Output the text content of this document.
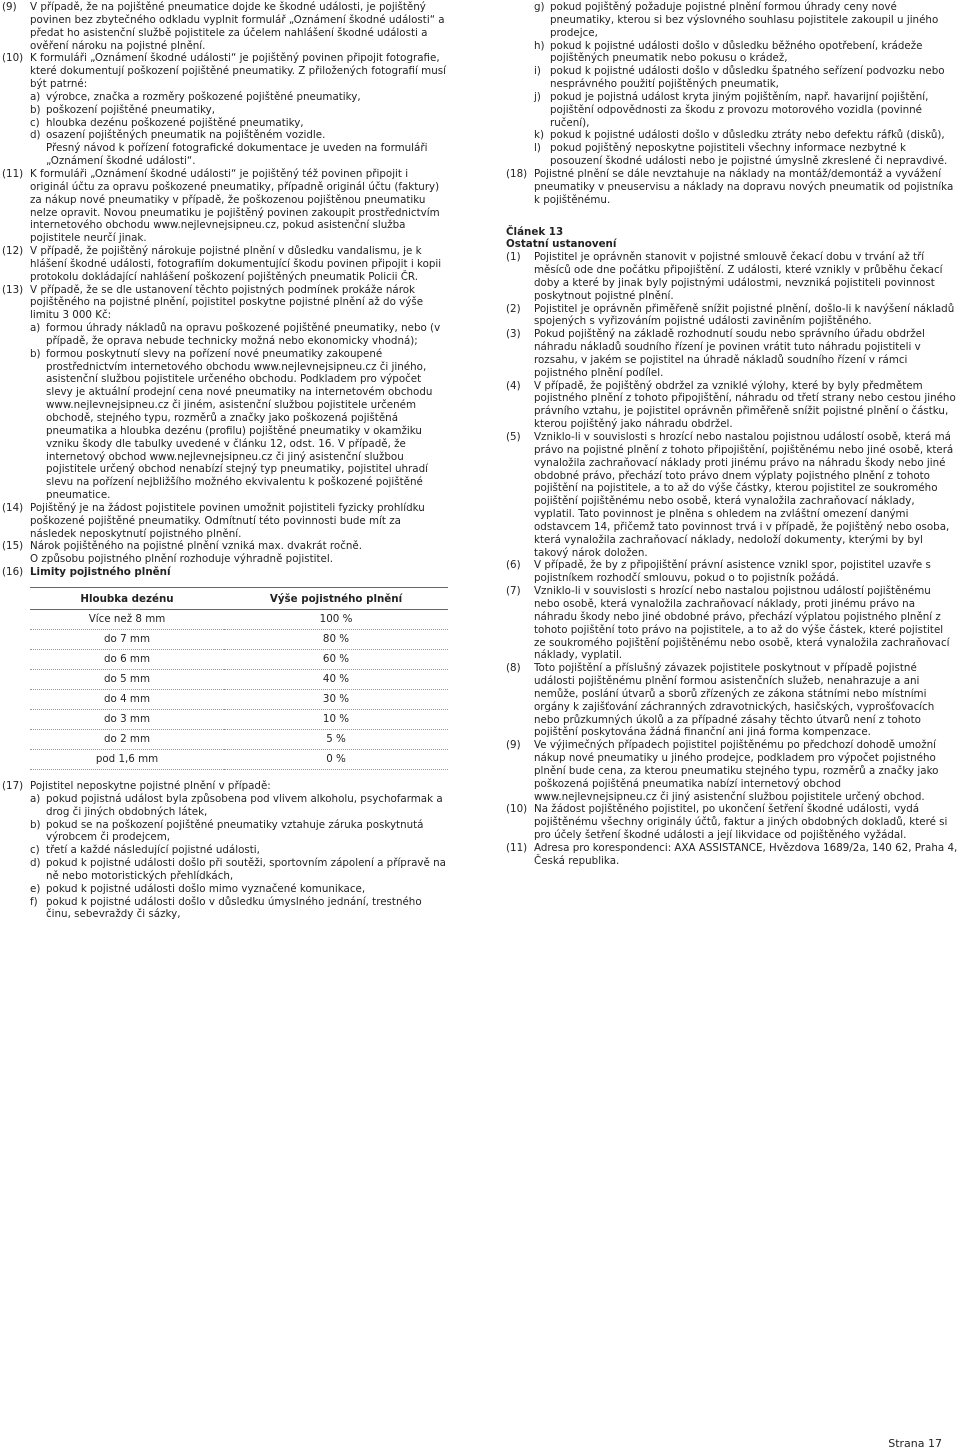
(9)	V případě, že na pojištěné pneumatice dojde ke škodné události, je pojištěný povinen bez zbytečného odkladu vyplnit formulář „Oznámení škodné události“ a předat ho asistenční službě pojistitele za účelem nahlášení škodné události a ověření nároku na pojistné plnění.
(10) K formuláři „Oznámení škodné události“ je pojištěný povinen připojit fotografie, které dokumentují poškození pojištěné pneumatiky. Z přiložených fotografií musí být patrné:
a) výrobce, značka a rozměry poškozené pojištěné pneumatiky,
b) poškození pojištěné pneumatiky,
c) hloubka dezénu poškozené pojištěné pneumatiky,
d) osazení pojištěných pneumatik na pojištěném vozidle.
Přesný návod k pořízení fotografické dokumentace je uveden na formuláři „Oznámení škodné události“.
(11) K formuláři „Oznámení škodné události“ je pojištěný též povinen připojit i originál účtu za opravu poškozené pneumatiky, případně originál účtu (faktury) za nákup nové pneumatiky v případě, že poškozenou pojištěnou pneumatiku nelze opravit. Novou pneumatiku je pojištěný povinen zakoupit prostřednictvím internetového obchodu www.nejlevnejsipneu.cz, pokud asistenční služba pojistitele neurčí jinak.
(12) V případě, že pojištěný nárokuje pojistné plnění v důsledku vandalismu, je k hlášení škodné události, fotografiím dokumentující škodu povinen připojit i kopii protokolu dokládající nahlášení poškození pojištěných pneumatik Policii ČR.
(13) V případě, že se dle ustanovení těchto pojistných podmínek prokáže nárok pojištěného na pojistné plnění, pojistitel poskytne pojistné plnění až do výše limitu 3 000 Kč:
a) formou úhrady nákladů na opravu poškozené pojištěné pneumatiky, nebo (v případě, že oprava nebude technicky možná nebo ekonomicky vhodná);
b) formou poskytnutí slevy na pořízení nové pneumatiky zakoupené prostřednictvím internetového obchodu www.nejlevnejsipneu.cz či jiného, asistenční službou pojistitele určeného obchodu. Podkladem pro výpočet slevy je aktuální prodejní cena nové pneumatiky na internetovém obchodu www.nejlevnejsipneu.cz či jiném, asistenční službou pojistitele určeném obchodě, stejného typu, rozměrů a značky jako poškozená pojištěná pneumatika a hloubka dezénu (profilu) pojištěné pneumatiky v okamžiku vzniku škody dle tabulky uvedené v článku 12, odst. 16. V případě, že internetový obchod www.nejlevnejsipneu.cz či jiný asistenční službou pojistitele určený obchod nenabízí stejný typ pneumatiky, pojistitel uhradí slevu na pořízení nejbližšího možného ekvivalentu k poškozené pojištěné pneumatice.
(14) Pojištěný je na žádost pojistitele povinen umožnit pojistiteli fyzicky prohlídku poškozené pojištěné pneumatiky. Odmítnutí této povinnosti bude mít za následek neposkytnutí pojistného plnění.
(15) Nárok pojištěného na pojistné plnění vzniká max. dvakrát ročně.
O způsobu pojistného plnění rozhoduje výhradně pojistitel.
(16) Limity pojistného plnění
Hloubka dezénu	Výše pojistného plnění
Více než 8 mm	100 %
do 7 mm	80 %
do 6 mm	60 %
do 5 mm	40 %
do 4 mm	30 %
do 3 mm	10 %
do 2 mm	5 %
pod 1,6 mm	0 %
(17) Pojistitel neposkytne pojistné plnění v případě:
a) pokud pojistná událost byla způsobena pod vlivem alkoholu, psychofarmak a drog či jiných obdobných látek,
b) pokud se na poškození pojištěné pneumatiky vztahuje záruka poskytnutá výrobcem či prodejcem,
c) třetí a každé následující pojistné události,
d) pokud k pojistné události došlo při soutěži, sportovním zápolení a přípravě na ně nebo motoristických přehlídkách,
e) pokud k pojistné události došlo mimo vyznačené komunikace,
f) pokud k pojistné události došlo v důsledku úmyslného jednání, trestného činu, sebevraždy či sázky,
g) pokud pojištěný požaduje pojistné plnění formou úhrady ceny nové pneumatiky, kterou si bez výslovného souhlasu pojistitele zakoupil u jiného prodejce,
h) pokud k pojistné události došlo v důsledku běžného opotřebení, krádeže pojištěných pneumatik nebo pokusu o krádež,
i) pokud k pojistné události došlo v důsledku špatného seřízení podvozku nebo nesprávného použití pojištěných pneumatik,
j) pokud je pojistná událost kryta jiným pojištěním, např. havarijní pojištění, pojištění odpovědnosti za škodu z provozu motorového vozidla (povinné ručení),
k) pokud k pojistné události došlo v důsledku ztráty nebo defektu ráfků (disků),
l) pokud pojištěný neposkytne pojistiteli všechny informace nezbytné k posouzení škodné události nebo je pojistné úmyslně zkreslené či nepravdivé.
(18) Pojistné plnění se dále nevztahuje na náklady na montáž/demontáž a vyvážení pneumatiky v pneuservisu a náklady na dopravu nových pneumatik od pojistníka k pojištěnému.
Článek 13
Ostatní ustanovení
(1)	Pojistitel je oprávněn stanovit v pojistné smlouvě čekací dobu v trvání až tří měsíců ode dne počátku připojištění. Z události, které vznikly v průběhu čekací doby a které by jinak byly pojistnými událostmi, nevzniká pojistiteli povinnost poskytnout pojistné plnění.
(2)	Pojistitel je oprávněn přiměřeně snížit pojistné plnění, došlo-li k navýšení nákladů spojených s vyřizováním pojistné události zaviněním pojištěného.
(3)	Pokud pojištěný na základě rozhodnutí soudu nebo správního úřadu obdržel náhradu nákladů soudního řízení je povinen vrátit tuto náhradu pojistiteli v rozsahu, v jakém se pojistitel na úhradě nákladů soudního řízení v rámci pojistného plnění podílel.
(4)	V případě, že pojištěný obdržel za vzniklé výlohy, které by byly předmětem pojistného plnění z tohoto připojištění, náhradu od třetí strany nebo cestou jiného právního vztahu, je pojistitel oprávněn přiměřeně snížit pojistné plnění o částku, kterou pojištěný jako náhradu obdržel.
(5)	Vzniklo-li v souvislosti s hrozící nebo nastalou pojistnou událostí osobě, která má právo na pojistné plnění z tohoto připojištění, pojištěnému nebo jiné osobě, která vynaložila zachraňovací náklady proti jinému právo na náhradu škody nebo jiné obdobné právo, přechází toto právo dnem výplaty pojistného plnění z tohoto pojištění na pojistitele, a to až do výše částky, kterou pojistitel ze soukromého pojištění pojištěnému nebo osobě, která vynaložila zachraňovací náklady, vyplatil. Tato povinnost je plněna s ohledem na zvláštní omezení danými odstavcem 14, přičemž tato povinnost trvá i v případě, že pojištěný nebo osoba, která vynaložila zachraňovací náklady, nedoloží dokumenty, kterými by byl takový nárok doložen.
(6)	V případě, že by z připojištění právní asistence vznikl spor, pojistitel uzavře s pojistníkem rozhodčí smlouvu, pokud o to pojistník požádá.
(7)	Vzniklo-li v souvislosti s hrozící nebo nastalou pojistnou událostí pojištěnému nebo osobě, která vynaložila zachraňovací náklady, proti jinému právo na náhradu škody nebo jiné obdobné právo, přechází výplatou pojistného plnění z tohoto pojištění toto právo na pojistitele, a to až do výše částek, které pojistitel ze soukromého pojištění pojištěnému nebo osobě, která vynaložila zachraňovací náklady, vyplatil.
(8)	Toto pojištění a příslušný závazek pojistitele poskytnout v případě pojistné události pojištěnému plnění formou asistenčních služeb, nenahrazuje a ani nemůže, poslání útvarů a sborů zřízených ze zákona státními nebo místními orgány k zajišťování záchranných zdravotnických, hasičských, vyprošťovacích nebo průzkumných úkolů a za případné zásahy těchto útvarů není z tohoto pojištění poskytována žádná finanční ani jiná forma kompenzace.
(9)	Ve výjimečných případech pojistitel pojištěnému po předchozí dohodě umožní nákup nové pneumatiky u jiného prodejce, podkladem pro výpočet pojistného plnění bude cena, za kterou pneumatiku stejného typu, rozměrů a značky jako poškozená pojištěná pneumatika nabízí internetový obchod www.nejlevnejsipneu.cz či jiný asistenční službou pojistitele určený obchod.
(10) Na žádost pojištěného pojistitel, po ukončení šetření škodné události, vydá pojištěnému všechny originály účtů, faktur a jiných obdobných dokladů, které si pro účely šetření škodné události a její likvidace od pojištěného vyžádal.
(11) Adresa pro korespondenci: AXA ASSISTANCE, Hvězdova 1689/2a, 140 62, Praha 4, Česká republika.
Strana 17
